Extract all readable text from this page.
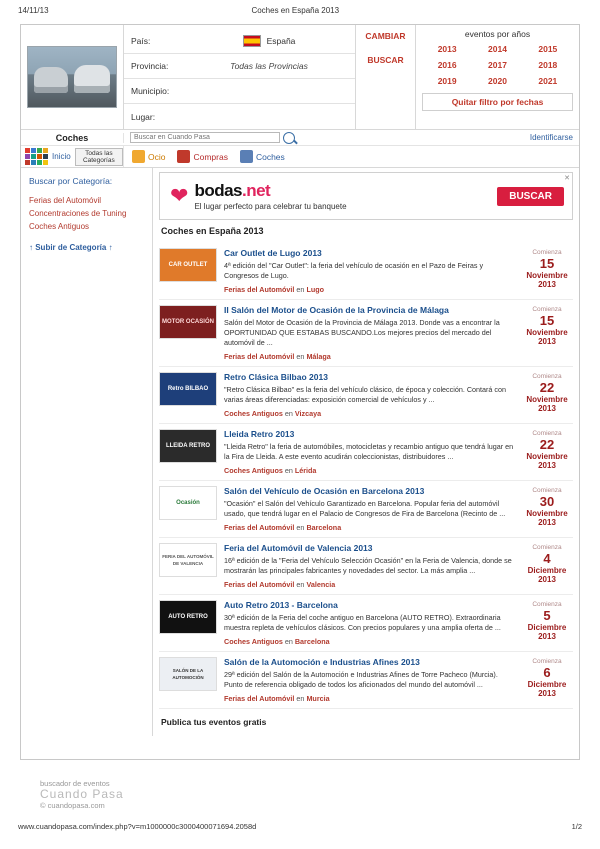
14/11/13	Coches en España 2013
País:	España
Provincia:	Todas las Provincias
Municipio:
Lugar:
CAMBIAR
BUSCAR
eventos por años
2013	2014	2015
2016	2017	2018
2019	2020	2021
Quitar filtro por fechas
Coches
Buscar en Cuando Pasa	Identificarse
Inicio	Todas las Categorías	Ocio	Compras	Coches
Buscar por Categoría:
Ferias del Automóvil
Concentraciones de Tuning
Coches Antiguos
↑ Subir de Categoría ↑
❤ bodas.net
El lugar perfecto para celebrar tu banquete
BUSCAR
✕
Coches en España 2013
CAR OUTLET
Car Outlet de Lugo 2013
4ª edición del "Car Outlet": la feria del vehículo de ocasión en el Pazo de Feiras y Congresos de Lugo.
Ferias del Automóvil en Lugo
Comienza
15
Noviembre
2013
MOTOR OCASIÓN
II Salón del Motor de Ocasión de la Provincia de Málaga
Salón del Motor de Ocasión de la Provincia de Málaga 2013. Donde vas a encontrar la OPORTUNIDAD QUE ESTABAS BUSCANDO.Los mejores precios del mercado del automóvil de ...
Ferias del Automóvil en Málaga
Comienza
15
Noviembre
2013
Retro BILBAO
Retro Clásica Bilbao 2013
"Retro Clásica Bilbao" es la feria del vehículo clásico, de época y colección. Contará con varias áreas diferenciadas: exposición comercial de vehículos y ...
Coches Antiguos en Vizcaya
Comienza
22
Noviembre
2013
LLEIDA RETRO
Lleida Retro 2013
"Lleida Retro" la feria de automóbiles, motocicletas y recambio antiguo que tendrá lugar en la Fira de Lleida. A este evento acudirán coleccionistas, distribuidores ...
Coches Antiguos en Lérida
Comienza
22
Noviembre
2013
Ocasión
Salón del Vehículo de Ocasión en Barcelona 2013
"Ocasión" el Salón del Vehículo Garantizado en Barcelona. Popular feria del automóvil usado, que tendrá lugar en el Palacio de Congresos de Fira de Barcelona (Recinto de ...
Ferias del Automóvil en Barcelona
Comienza
30
Noviembre
2013
FERIA DEL AUTOMÓVIL DE VALENCIA
Feria del Automóvil de Valencia 2013
16ª edición de la "Feria del Vehículo Selección Ocasión" en la Feria de Valencia, donde se mostrarán las principales fabricantes y novedades del sector. La más amplia ...
Ferias del Automóvil en Valencia
Comienza
4
Diciembre
2013
AUTO RETRO
Auto Retro 2013 - Barcelona
30ª edición de la Feria del coche antiguo en Barcelona (AUTO RETRO). Extraordinaria muestra repleta de vehículos clásicos. Con precios populares y una amplia oferta de ...
Coches Antiguos en Barcelona
Comienza
5
Diciembre
2013
SALÓN DE LA AUTOMOCIÓN
Salón de la Automoción e Industrias Afines 2013
29ª edición del Salón de la Automoción e Industrias Afines de Torre Pacheco (Murcia). Punto de referencia obligado de todos los aficionados del mundo del automóvil ...
Ferias del Automóvil en Murcia
Comienza
6
Diciembre
2013
Publica tus eventos gratis
buscador de eventos
Cuando Pasa
© cuandopasa.com
www.cuandopasa.com/index.php?v=m1000000c3000400071694.2058d	1/2
